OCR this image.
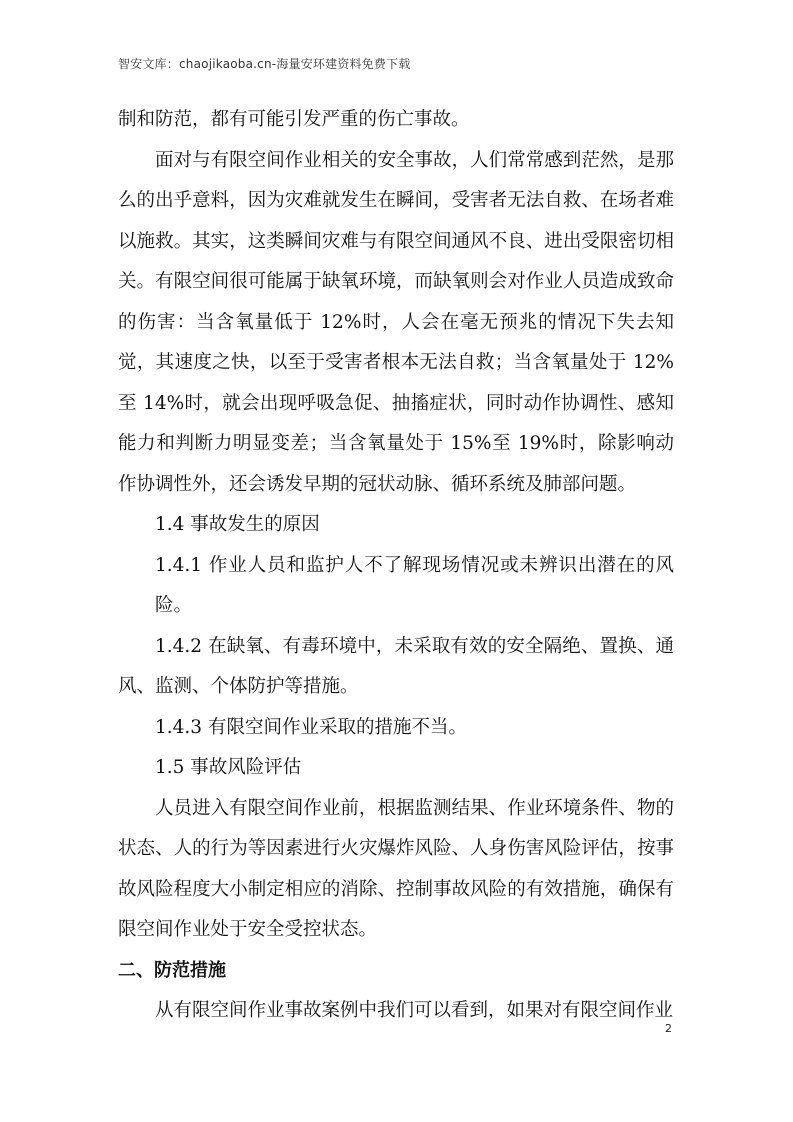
智安文库：chaojikaoba.cn-海量安环建资料免费下载

制和防范，都有可能引发严重的伤亡事故。

面对与有限空间作业相关的安全事故，人们常常感到茫然，是那么的出乎意料，因为灾难就发生在瞬间，受害者无法自救、在场者难以施救。其实，这类瞬间灾难与有限空间通风不良、进出受限密切相关。有限空间很可能属于缺氧环境，而缺氧则会对作业人员造成致命的伤害：当含氧量低于 12%时，人会在毫无预兆的情况下失去知觉，其速度之快，以至于受害者根本无法自救；当含氧量处于 12%至 14%时，就会出现呼吸急促、抽搐症状，同时动作协调性、感知能力和判断力明显变差；当含氧量处于 15%至 19%时，除影响动作协调性外，还会诱发早期的冠状动脉、循环系统及肺部问题。

1.4 事故发生的原因

1.4.1 作业人员和监护人不了解现场情况或未辨识出潜在的风险。

1.4.2 在缺氧、有毒环境中，未采取有效的安全隔绝、置换、通风、监测、个体防护等措施。

1.4.3 有限空间作业采取的措施不当。

1.5 事故风险评估

人员进入有限空间作业前，根据监测结果、作业环境条件、物的状态、人的行为等因素进行火灾爆炸风险、人身伤害风险评估，按事故风险程度大小制定相应的消除、控制事故风险的有效措施，确保有限空间作业处于安全受控状态。

二、防范措施

从有限空间作业事故案例中我们可以看到，如果对有限空间作业

2
